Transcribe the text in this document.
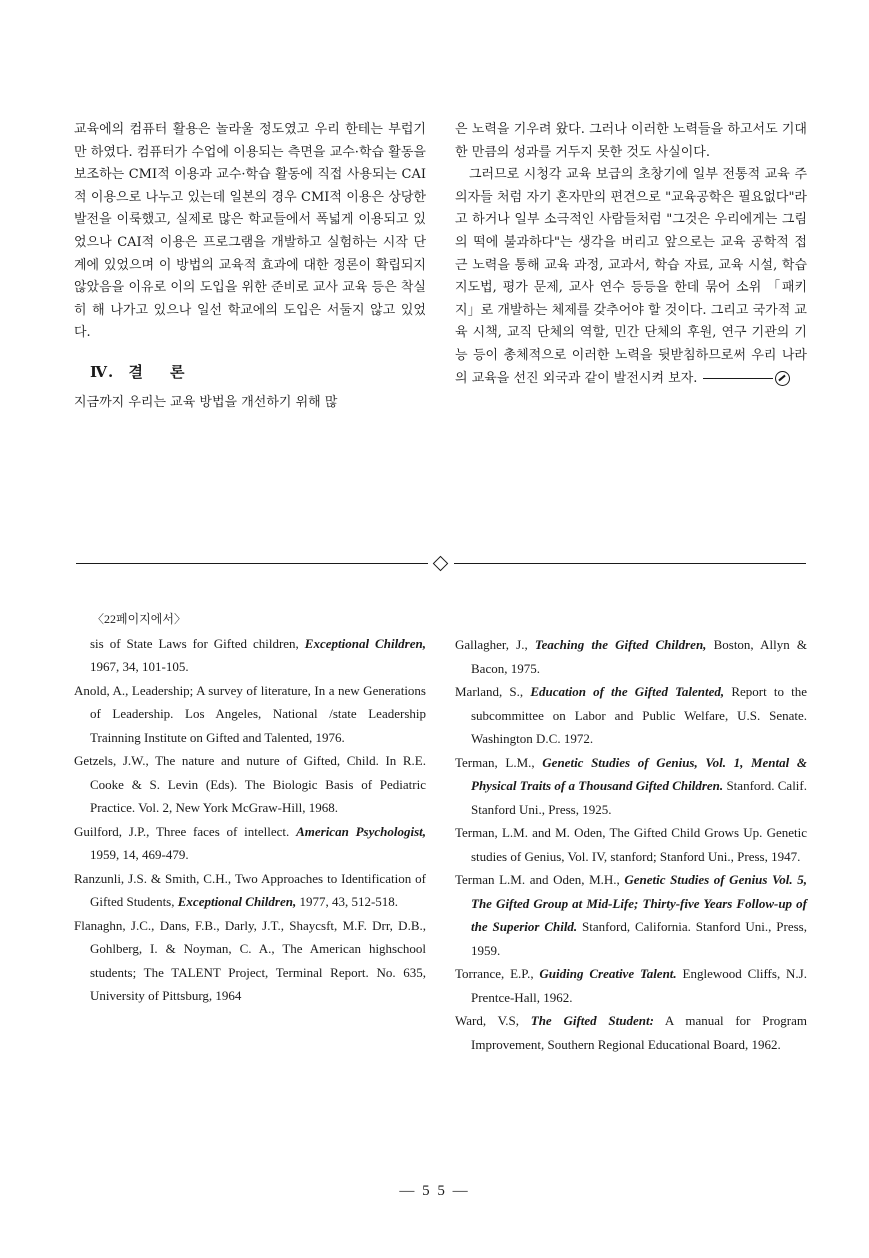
교육에의 컴퓨터 활용은 놀라울 정도였고 우리 한테는 부럽기만 하였다. 컴퓨터가 수업에 이용되는 측면을 교수·학습 활동을 보조하는 CMI적 이용과 교수·학습 활동에 직접 사용되는 CAI적 이용으로 나누고 있는데 일본의 경우 CMI적 이용은 상당한 발전을 이룩했고, 실제로 많은 학교들에서 폭넓게 이용되고 있었으나 CAI적 이용은 프로그램을 개발하고 실험하는 시작 단계에 있었으며 이 방법의 교육적 효과에 대한 정론이 확립되지 않았음을 이유로 이의 도입을 위한 준비로 교사 교육 등은 착실히 해 나가고 있으나 일선 학교에의 도입은 서둘지 않고 있었다.

Ⅳ. 결 론

지금까지 우리는 교육 방법을 개선하기 위해 많

은 노력을 기우려 왔다. 그러나 이러한 노력들을 하고서도 기대한 만큼의 성과를 거두지 못한 것도 사실이다.

그러므로 시청각 교육 보급의 초창기에 일부 전통적 교육 주의자들 처럼 자기 혼자만의 편견으로 "교육공학은 필요없다"라고 하거나 일부 소극적인 사람들처럼 "그것은 우리에게는 그림의 떡에 불과하다"는 생각을 버리고 앞으로는 교육 공학적 접근 노력을 통해 교육 과정, 교과서, 학습 자료, 교육 시설, 학습 지도법, 평가 문제, 교사 연수 등등을 한데 묶어 소위 「패키지」로 개발하는 체제를 갖추어야 할 것이다. 그리고 국가적 교육 시책, 교직 단체의 역할, 민간 단체의 후원, 연구 기관의 기능 등이 총체적으로 이러한 노력을 뒷받침하므로써 우리 나라의 교육을 선진 외국과 같이 발전시켜 보자.

〈22페이지에서〉

sis of State Laws for Gifted children, Exceptional Children, 1967, 34, 101-105.

Anold, A., Leadership; A survey of literature, In a new Generations of Leadership. Los Angeles, National /state Leadership Trainning Institute on Gifted and Talented, 1976.

Getzels, J.W., The nature and nuture of Gifted, Child. In R.E. Cooke & S. Levin (Eds). The Biologic Basis of Pediatric Practice. Vol. 2, New York McGraw-Hill, 1968.

Guilford, J.P., Three faces of intellect. American Psychologist, 1959, 14, 469-479.

Ranzunli, J.S. & Smith, C.H., Two Approaches to Identification of Gifted Students, Exceptional Children, 1977, 43, 512-518.

Flanaghn, J.C., Dans, F.B., Darly, J.T., Shaycsft, M.F. Drr, D.B., Gohlberg, I. & Noyman, C. A., The American highschool students; The TALENT Project, Terminal Report. No. 635, University of Pittsburg, 1964

Gallagher, J., Teaching the Gifted Children, Boston, Allyn & Bacon, 1975.

Marland, S., Education of the Gifted Talented, Report to the subcommittee on Labor and Public Welfare, U.S. Senate. Washington D.C. 1972.

Terman, L.M., Genetic Studies of Genius, Vol. 1, Mental & Physical Traits of a Thousand Gifted Children. Stanford. Calif. Stanford Uni., Press, 1925.

Terman, L.M. and M. Oden, The Gifted Child Grows Up. Genetic studies of Genius, Vol. IV, stanford; Stanford Uni., Press, 1947.

Terman L.M. and Oden, M.H., Genetic Studies of Genius Vol. 5, The Gifted Group at Mid-Life; Thirty-five Years Follow-up of the Superior Child. Stanford, California. Stanford Uni., Press, 1959.

Torrance, E.P., Guiding Creative Talent. Englewood Cliffs, N.J. Prentce-Hall, 1962.

Ward, V.S, The Gifted Student: A manual for Program Improvement, Southern Regional Educational Board, 1962.

— 5 5 —
